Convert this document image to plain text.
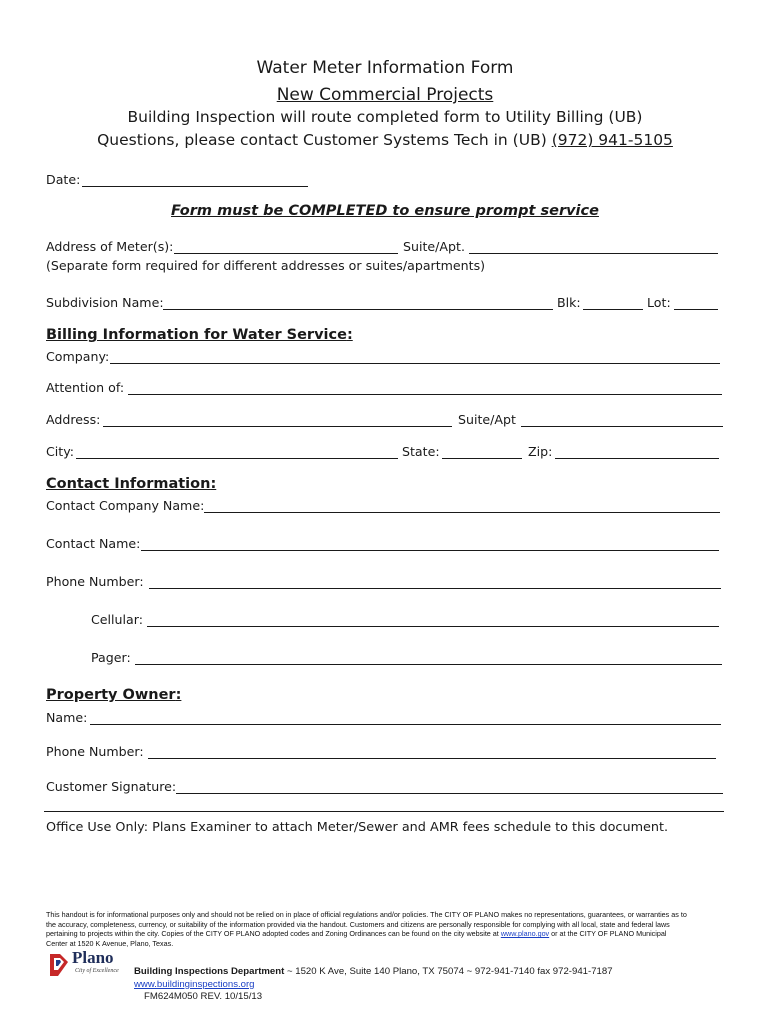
Water Meter Information Form
New Commercial Projects
Building Inspection will route completed form to Utility Billing (UB)
Questions, please contact Customer Systems Tech in (UB) (972) 941-5105
Date:
Form must be COMPLETED to ensure prompt service
Address of Meter(s):	Suite/Apt.
(Separate form required for different addresses or suites/apartments)
Subdivision Name:	Blk:	Lot:
Billing Information for Water Service:
Company:
Attention of:
Address:	Suite/Apt
City:	State:	Zip:
Contact Information:
Contact Company Name:
Contact Name:
Phone Number:
Cellular:
Pager:
Property Owner:
Name:
Phone Number:
Customer Signature:
Office Use Only: Plans Examiner to attach Meter/Sewer and AMR fees schedule to this document.
This handout is for informational purposes only and should not be relied on in place of official regulations and/or policies. The CITY OF PLANO makes no representations, guarantees, or warranties as to
the accuracy, completeness, currency, or suitability of the information provided via the handout. Customers and citizens are personally responsible for complying with all local, state and federal laws
pertaining to projects within the city. Copies of the CITY OF PLANO adopted codes and Zoning Ordinances can be found on the city website at www.plano.gov or at the CITY OF PLANO Municipal
Center at 1520 K Avenue, Plano, Texas.
Plano
City of Excellence Building Inspections Department ~ 1520 K Ave, Suite 140 Plano, TX 75074 ~ 972-941-7140 fax 972-941-7187
www.buildinginspections.org
FM624M050 REV. 10/15/13
